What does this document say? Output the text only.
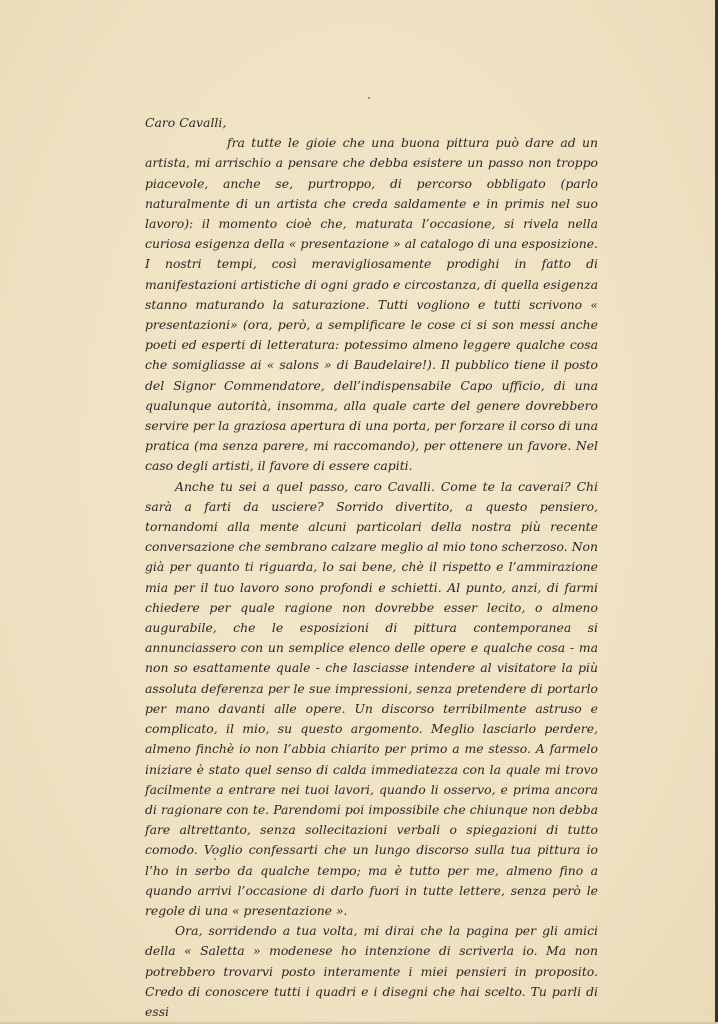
Caro Cavalli,

fra tutte le gioie che una buona pittura può dare ad un artista, mi arrischio a pensare che debba esistere un passo non troppo piacevole, anche se, purtroppo, di percorso obbligato (parlo naturalmente di un artista che creda saldamente e in primis nel suo lavoro): il momento cioè che, maturata l’occasione, si rivela nella curiosa esigenza della « presentazione » al catalogo di una esposizione. I nostri tempi, così meravigliosamente prodighi in fatto di manifestazioni artistiche di ogni grado e circostanza, di quella esigenza stanno maturando la saturazione. Tutti vogliono e tutti scrivono « presentazioni» (ora, però, a semplificare le cose ci si son messi anche poeti ed esperti di letteratura: potessimo almeno leggere qualche cosa che somigliasse ai « salons » di Baudelaire!). Il pubblico tiene il posto del Signor Commendatore, dell’indispensabile Capo ufficio, di una qualunque autorità, insomma, alla quale carte del genere dovrebbero servire per la graziosa apertura di una porta, per forzare il corso di una pratica (ma senza parere, mi raccomando), per ottenere un favore. Nel caso degli artisti, il favore di essere capiti.

Anche tu sei a quel passo, caro Cavalli. Come te la caverai? Chi sarà a farti da usciere? Sorrido divertito, a questo pensiero, tornandomi alla mente alcuni particolari della nostra più recente conversazione che sembrano calzare meglio al mio tono scherzoso. Non già per quanto ti riguarda, lo sai bene, chè il rispetto e l’ammirazione mia per il tuo lavoro sono profondi e schietti. Al punto, anzi, di farmi chiedere per quale ragione non dovrebbe esser lecito, o almeno augurabile, che le esposizioni di pittura contemporanea si annunciassero con un semplice elenco delle opere e qualche cosa - ma non so esattamente quale - che lasciasse intendere al visitatore la più assoluta deferenza per le sue impressioni, senza pretendere di portarlo per mano davanti alle opere. Un discorso terribilmente astruso e complicato, il mio, su questo argomento. Meglio lasciarlo perdere, almeno finchè io non l’abbia chiarito per primo a me stesso. A farmelo iniziare è stato quel senso di calda immediatezza con la quale mi trovo facilmente a entrare nei tuoi lavori, quando li osservo, e prima ancora di ragionare con te. Parendomi poi impossibile che chiunque non debba fare altrettanto, senza sollecitazioni verbali o spiegazioni di tutto comodo. Voglio confessarti che un lungo discorso sulla tua pittura io l’ho in serbo da qualche tempo; ma è tutto per me, almeno fino a quando arrivi l’occasione di darlo fuori in tutte lettere, senza però le regole di una « presentazione ».

Ora, sorridendo a tua volta, mi dirai che la pagina per gli amici della « Saletta » modenese ho intenzione di scriverla io. Ma non potrebbero trovarvi posto interamente i miei pensieri in proposito. Credo di conoscere tutti i quadri e i disegni che hai scelto. Tu parli di essi
